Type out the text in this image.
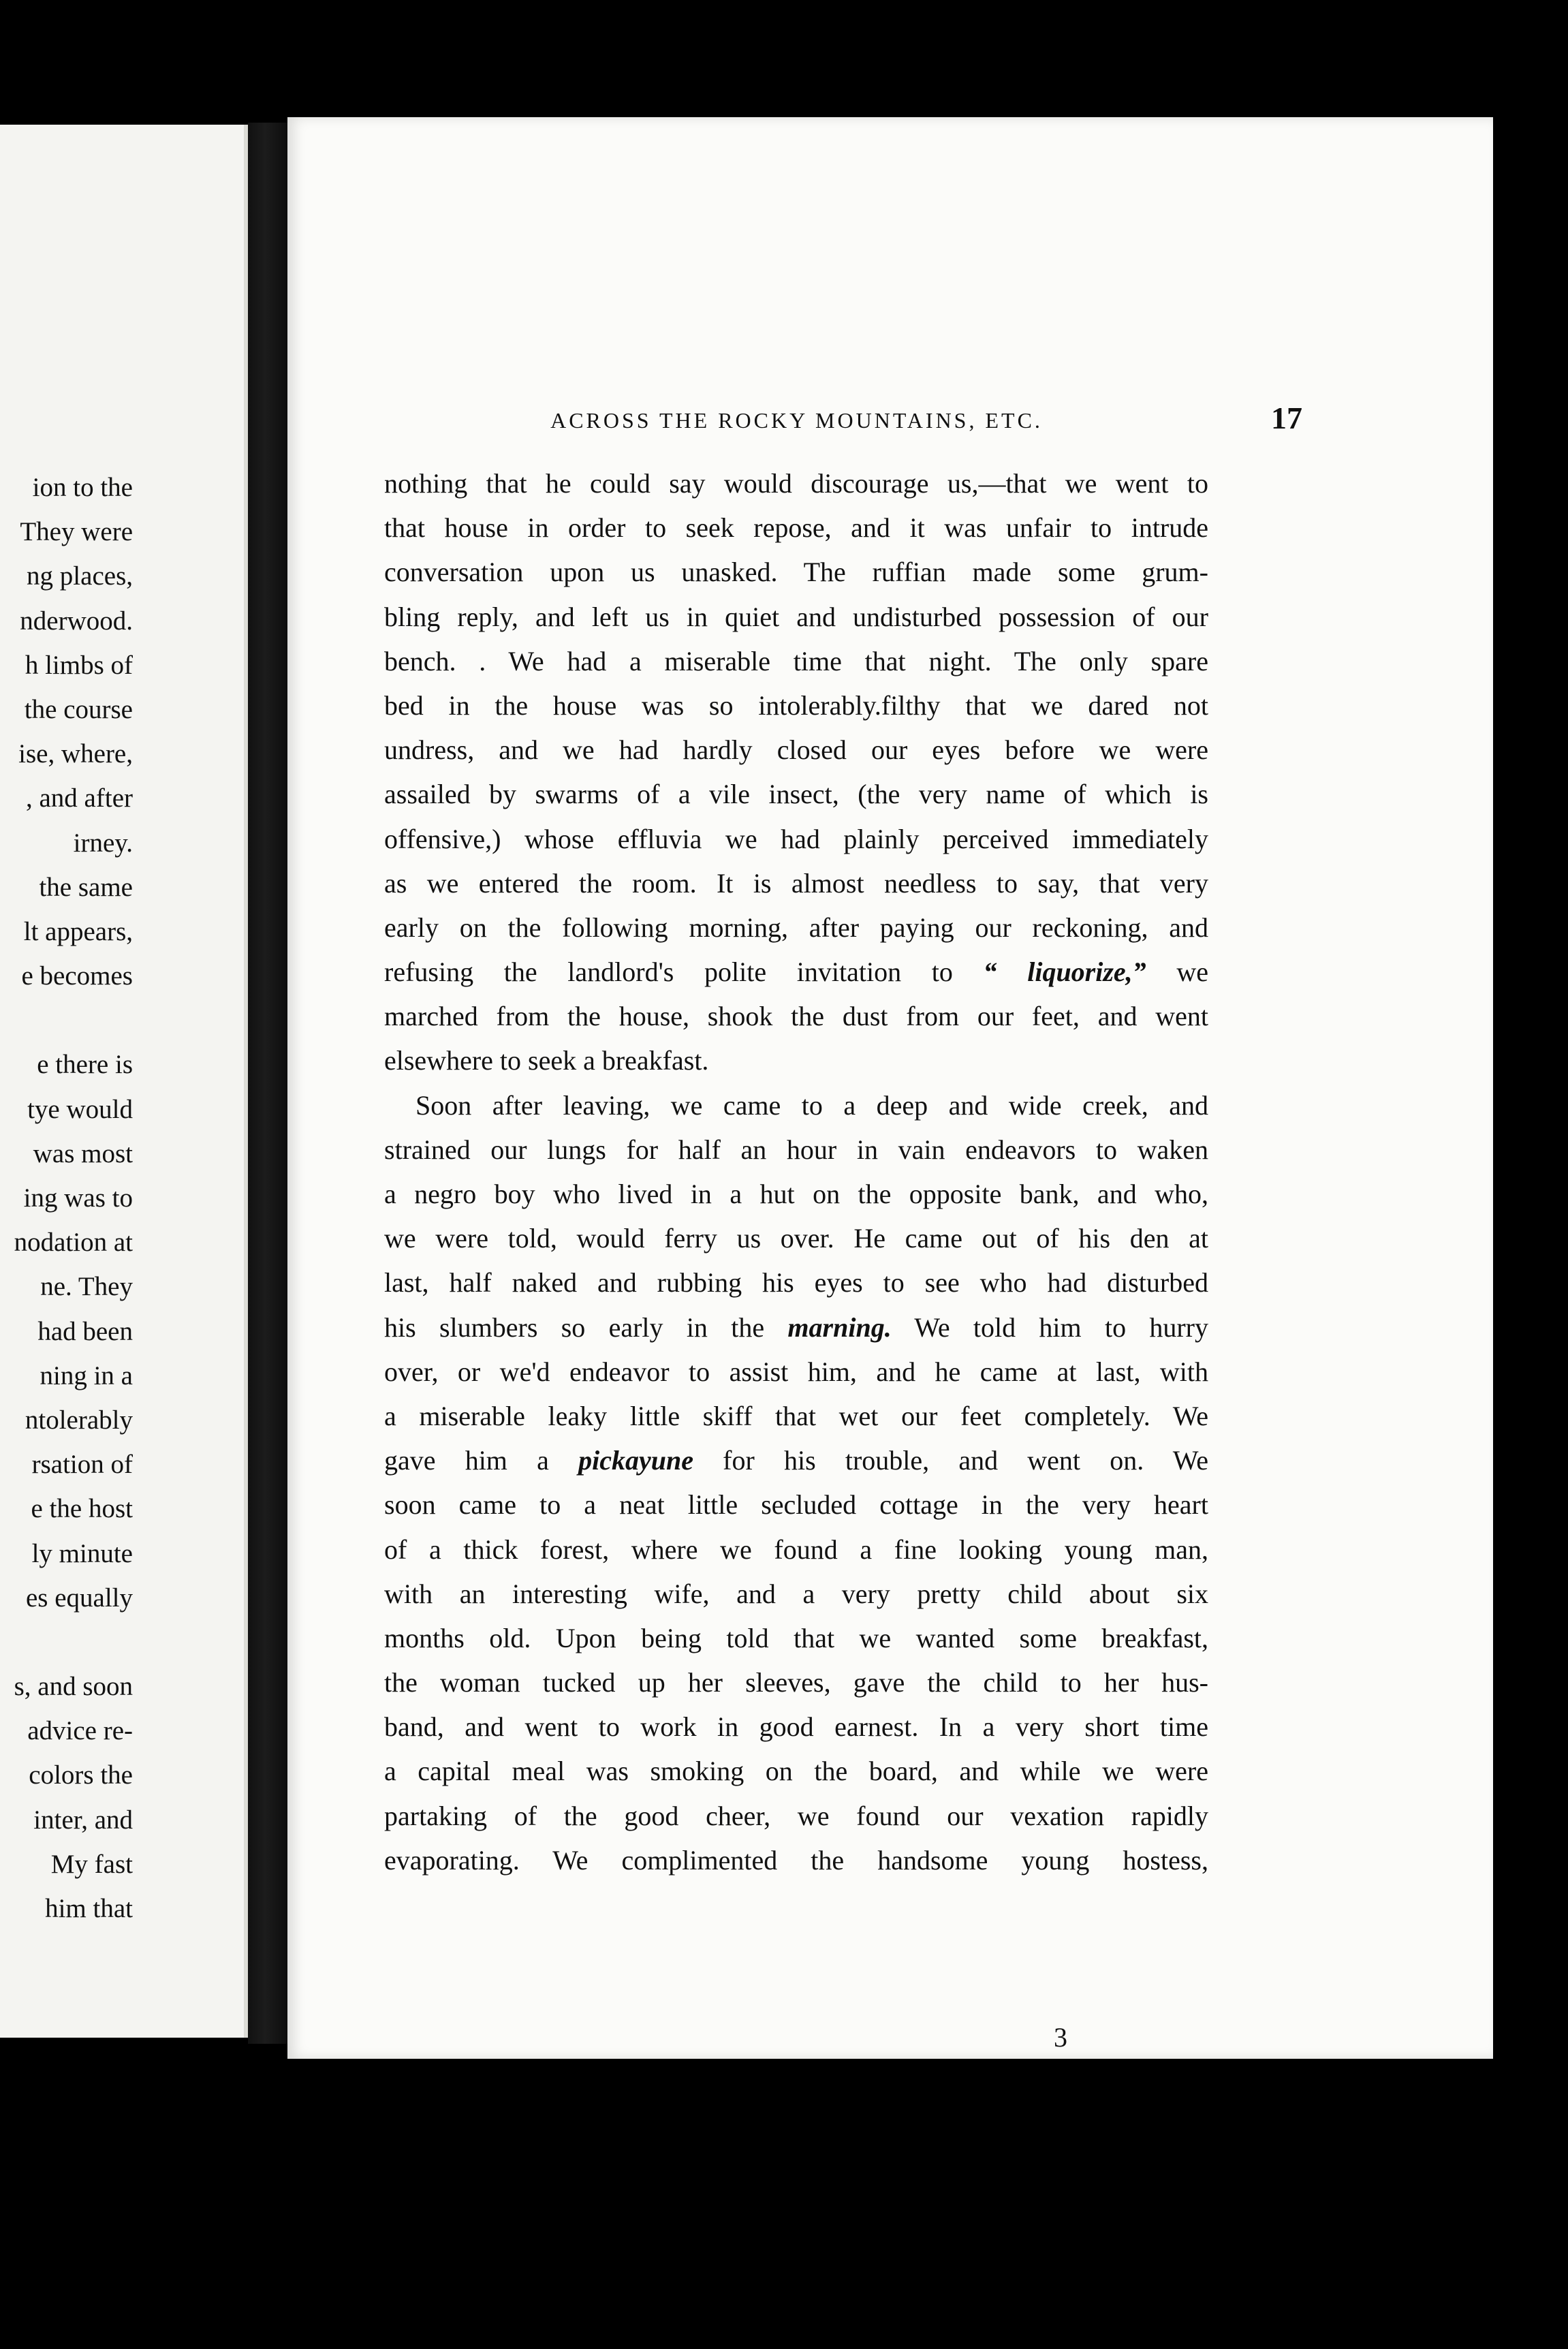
ion to the
They were
ng places,
nderwood.
h limbs of
the course
ise, where,
, and after
irney.
the same
lt appears,
e becomes
e there is
tye would
was most
ing was to
nodation at
ne. They
had been
ning in a
ntolerably
rsation of
e the host
ly minute
es equally
s, and soon
advice re-
colors the
inter, and
My fast
him that
ACROSS THE ROCKY MOUNTAINS, ETC.	17
nothing that he could say would discourage us,—that we went to
that house in order to seek repose, and it was unfair to intrude
conversation upon us unasked. The ruffian made some grum-
bling reply, and left us in quiet and undisturbed possession of our
bench. . We had a miserable time that night. The only spare
bed in the house was so intolerably.filthy that we dared not
undress, and we had hardly closed our eyes before we were
assailed by swarms of a vile insect, (the very name of which is
offensive,) whose effluvia we had plainly perceived immediately
as we entered the room. It is almost needless to say, that very
early on the following morning, after paying our reckoning, and
refusing the landlord's polite invitation to “ liquorize,” we
marched from the house, shook the dust from our feet, and went
elsewhere to seek a breakfast.
Soon after leaving, we came to a deep and wide creek, and
strained our lungs for half an hour in vain endeavors to waken
a negro boy who lived in a hut on the opposite bank, and who,
we were told, would ferry us over. He came out of his den at
last, half naked and rubbing his eyes to see who had disturbed
his slumbers so early in the marning. We told him to hurry
over, or we'd endeavor to assist him, and he came at last, with
a miserable leaky little skiff that wet our feet completely. We
gave him a pickayune for his trouble, and went on. We
soon came to a neat little secluded cottage in the very heart
of a thick forest, where we found a fine looking young man,
with an interesting wife, and a very pretty child about six
months old. Upon being told that we wanted some breakfast,
the woman tucked up her sleeves, gave the child to her hus-
band, and went to work in good earnest. In a very short time
a capital meal was smoking on the board, and while we were
partaking of the good cheer, we found our vexation rapidly
evaporating. We complimented the handsome young hostess,
3
